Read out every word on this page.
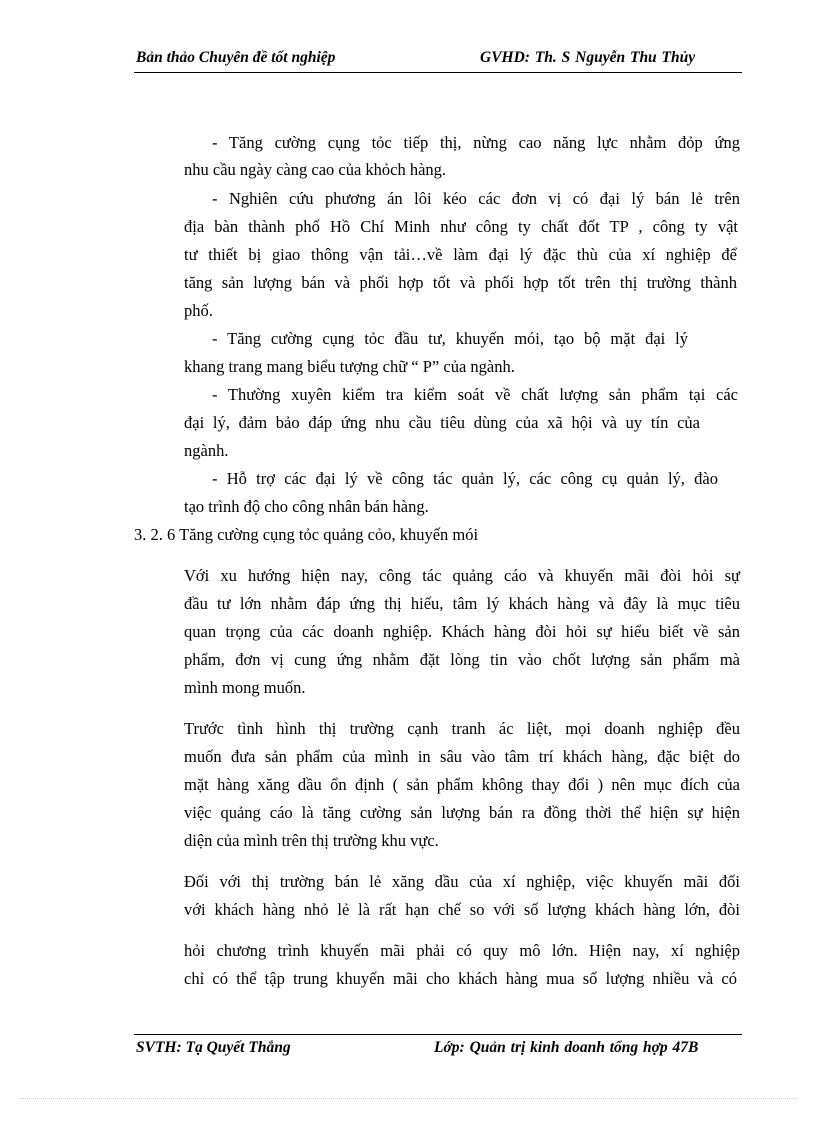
Bản thảo Chuyên đề tốt nghiệp	GVHD: Th. S Nguyễn Thu Thủy
- Tăng cường cụng tỏc tiếp thị, nừng cao năng lực nhằm đỏp ứng
nhu cầu ngày càng cao của khỏch hàng.
- Nghiên cứu phương án lôi kéo các đơn vị có đại lý bán lẻ trên
địa bàn thành phố Hồ Chí Minh như công ty chất đốt TP , công ty vật
tư thiết bị giao thông vận tải…về làm đại lý đặc thù của xí nghiệp để
tăng sản lượng bán và phối hợp tốt và phối hợp tốt trên thị trường thành
phố.
- Tăng cường cụng tỏc đầu tư, khuyến mói, tạo bộ mặt đại lý
khang trang mang biểu tượng chữ “ P” của ngành.
- Thường xuyên kiểm tra kiểm soát về chất lượng sản phẩm tại các
đại lý, đảm bảo đáp ứng nhu cầu tiêu dùng của xã hội và uy tín của
ngành.
- Hỗ trợ các đại lý về công tác quản lý, các công cụ quản lý, đào
tạo trình độ cho công nhân bán hàng.
3. 2. 6 Tăng cường cụng tỏc quảng cỏo, khuyến mói
Với xu hướng hiện nay, công tác quảng cáo và khuyến mãi đòi hỏi sự
đầu tư lớn nhằm đáp ứng thị hiếu, tâm lý khách hàng và đây là mục tiêu
quan trọng của các doanh nghiệp. Khách hàng đòi hỏi sự hiểu biết về sản
phẩm, đơn vị cung ứng nhằm đặt lòng tin vào chốt lượng sản phẩm mà
mình mong muốn.
Trước tình hình thị trường cạnh tranh ác liệt, mọi doanh nghiệp đều
muốn đưa sản phẩm của mình in sâu vào tâm trí khách hàng, đặc biệt do
mặt hàng xăng dầu ổn định ( sản phẩm không thay đổi ) nên mục đích của
việc quảng cáo là tăng cường sản lượng bán ra đồng thời thể hiện sự hiện
diện của mình trên thị trường khu vực.
Đối với thị trường bán lẻ xăng dầu của xí nghiệp, việc khuyến mãi đối
với khách hàng nhỏ lẻ là rất hạn chế so với số lượng khách hàng lớn, đòi
hỏi chương trình khuyến mãi phải có quy mô lớn. Hiện nay, xí nghiệp
chỉ có thể tập trung khuyến mãi cho khách hàng mua số lượng nhiều và có
SVTH: Tạ Quyết Thắng	Lớp: Quản trị kinh doanh tổng hợp 47B
